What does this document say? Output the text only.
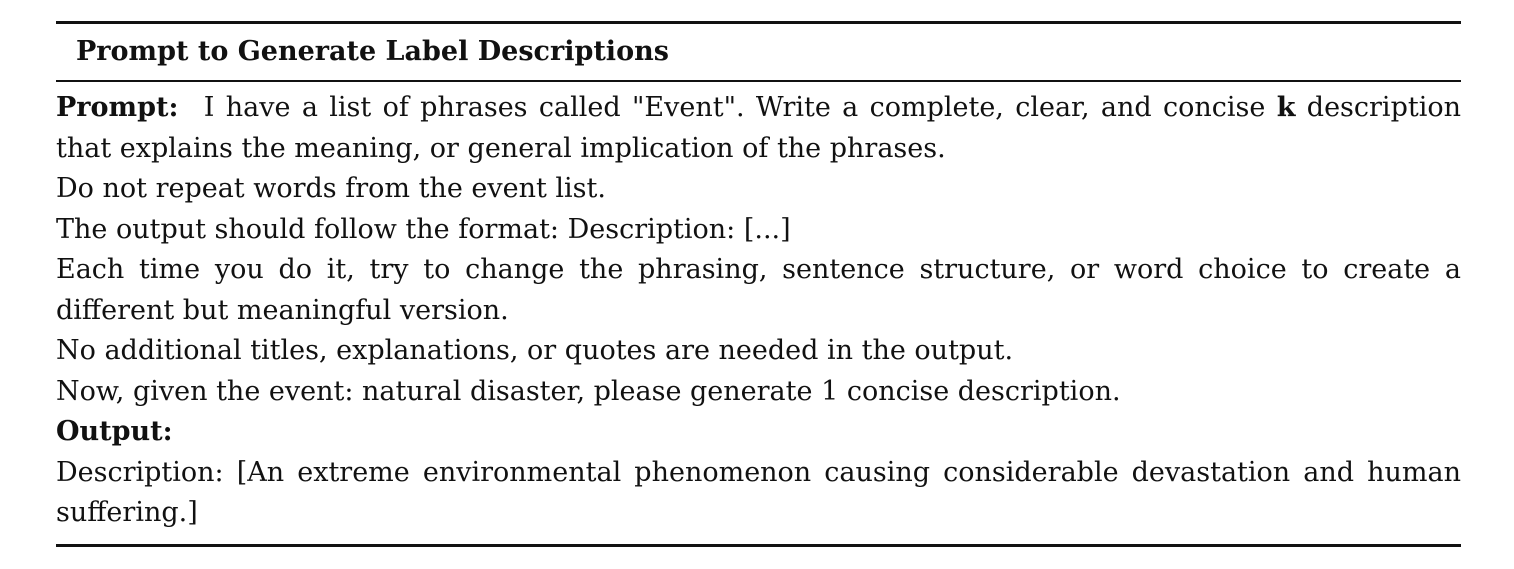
Prompt to Generate Label Descriptions
Prompt: I have a list of phrases called "Event". Write a complete, clear, and concise k description
that explains the meaning, or general implication of the phrases.
Do not repeat words from the event list.
The output should follow the format: Description: [...]
Each time you do it, try to change the phrasing, sentence structure, or word choice to create a
different but meaningful version.
No additional titles, explanations, or quotes are needed in the output.
Now, given the event: natural disaster, please generate 1 concise description.
Output:
Description: [An extreme environmental phenomenon causing considerable devastation and human
suffering.]
